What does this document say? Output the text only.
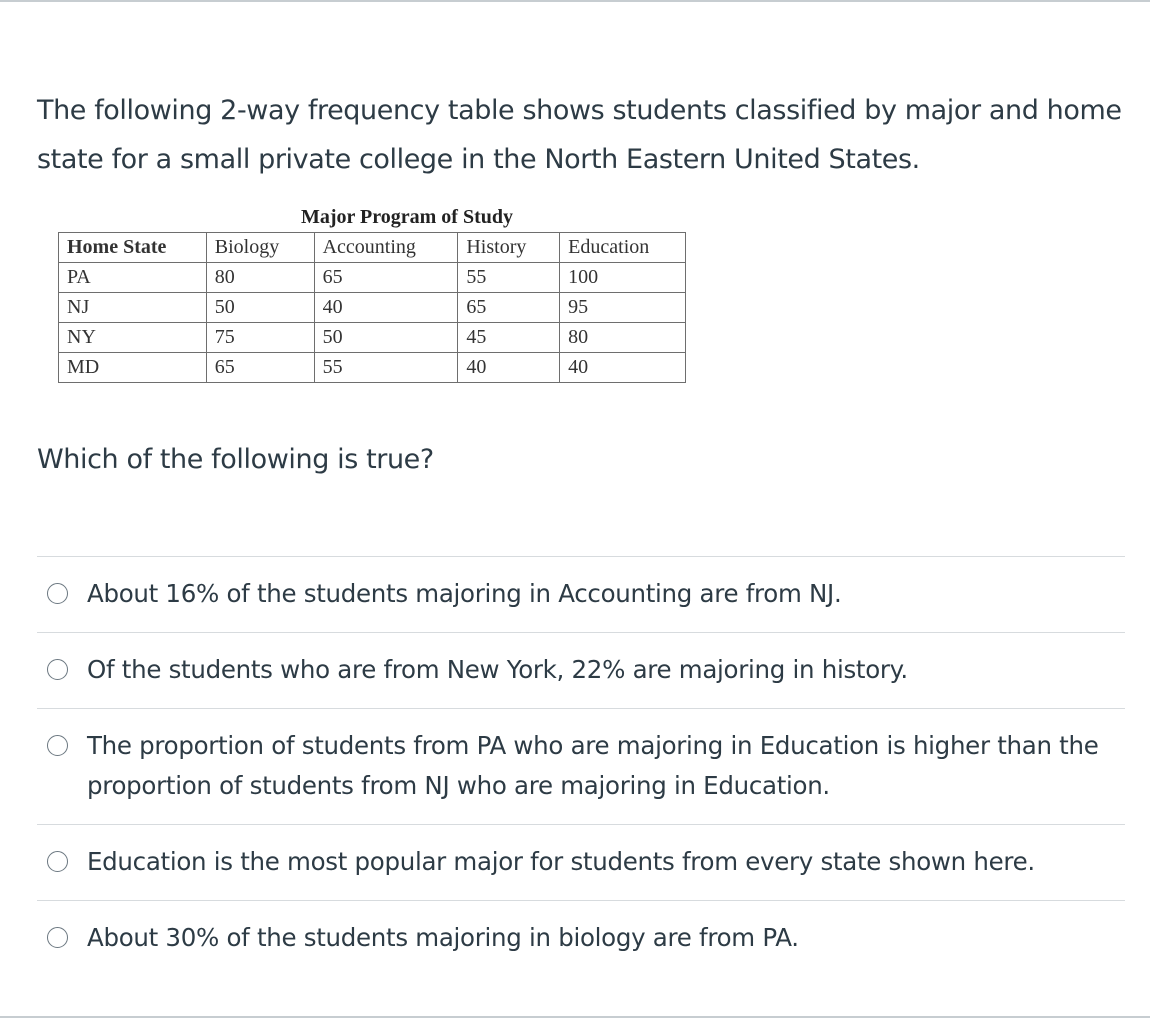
The following 2-way frequency table shows students classified by major and home state for a small private college in the North Eastern United States.

Major Program of Study
Home State	Biology	Accounting	History	Education
PA	80	65	55	100
NJ	50	40	65	95
NY	75	50	45	80
MD	65	55	40	40

Which of the following is true?

About 16% of the students majoring in Accounting are from NJ.
Of the students who are from New York, 22% are majoring in history.
The proportion of students from PA who are majoring in Education is higher than the proportion of students from NJ who are majoring in Education.
Education is the most popular major for students from every state shown here.
About 30% of the students majoring in biology are from PA.
